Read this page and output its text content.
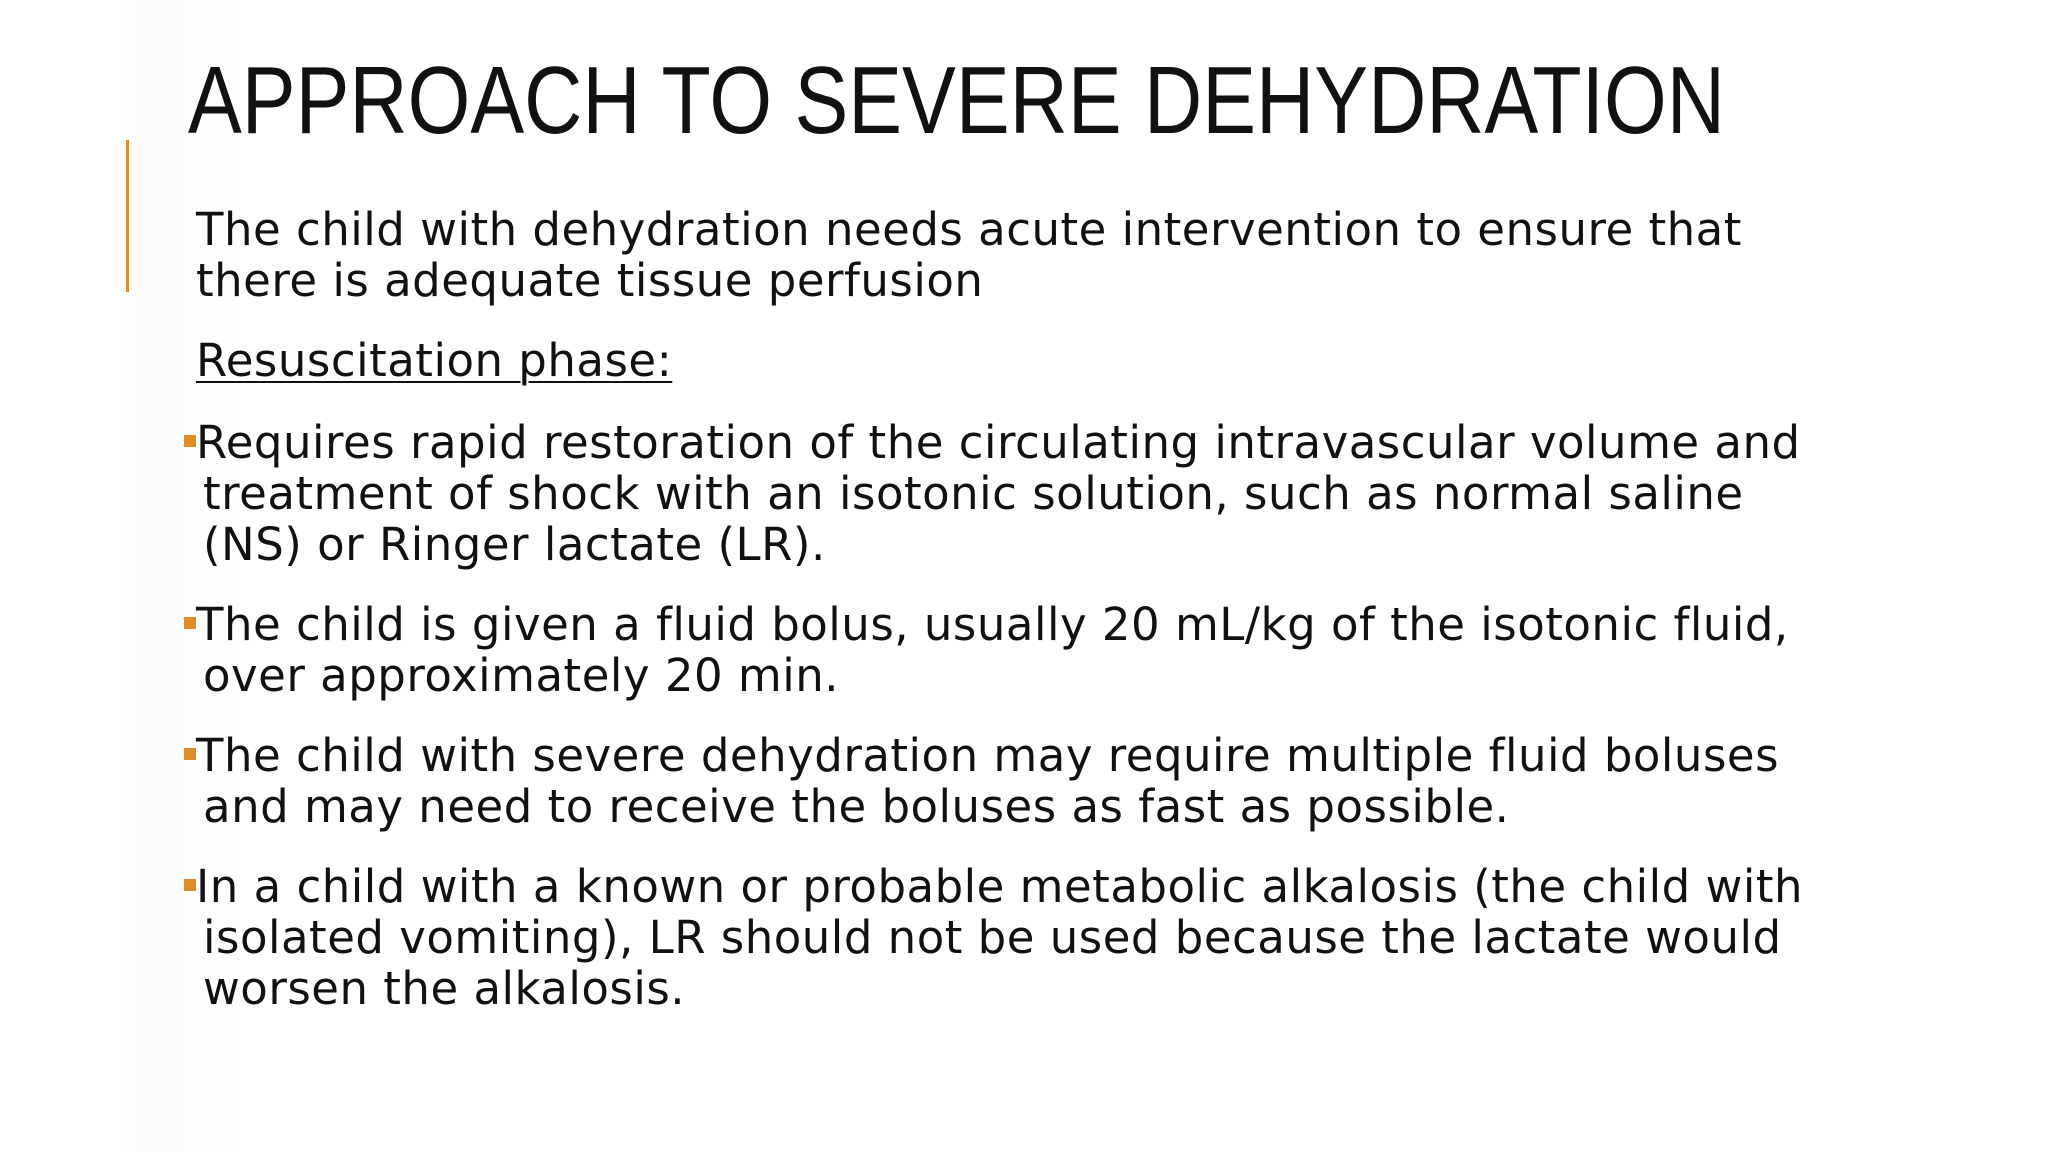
APPROACH TO SEVERE DEHYDRATION

The child with dehydration needs acute intervention to ensure that there is adequate tissue perfusion

Resuscitation phase:

Requires rapid restoration of the circulating intravascular volume and treatment of shock with an isotonic solution, such as normal saline (NS) or Ringer lactate (LR).
The child is given a fluid bolus, usually 20 mL/kg of the isotonic fluid, over approximately 20 min.
The child with severe dehydration may require multiple fluid boluses and may need to receive the boluses as fast as possible.
In a child with a known or probable metabolic alkalosis (the child with isolated vomiting), LR should not be used because the lactate would worsen the alkalosis.
